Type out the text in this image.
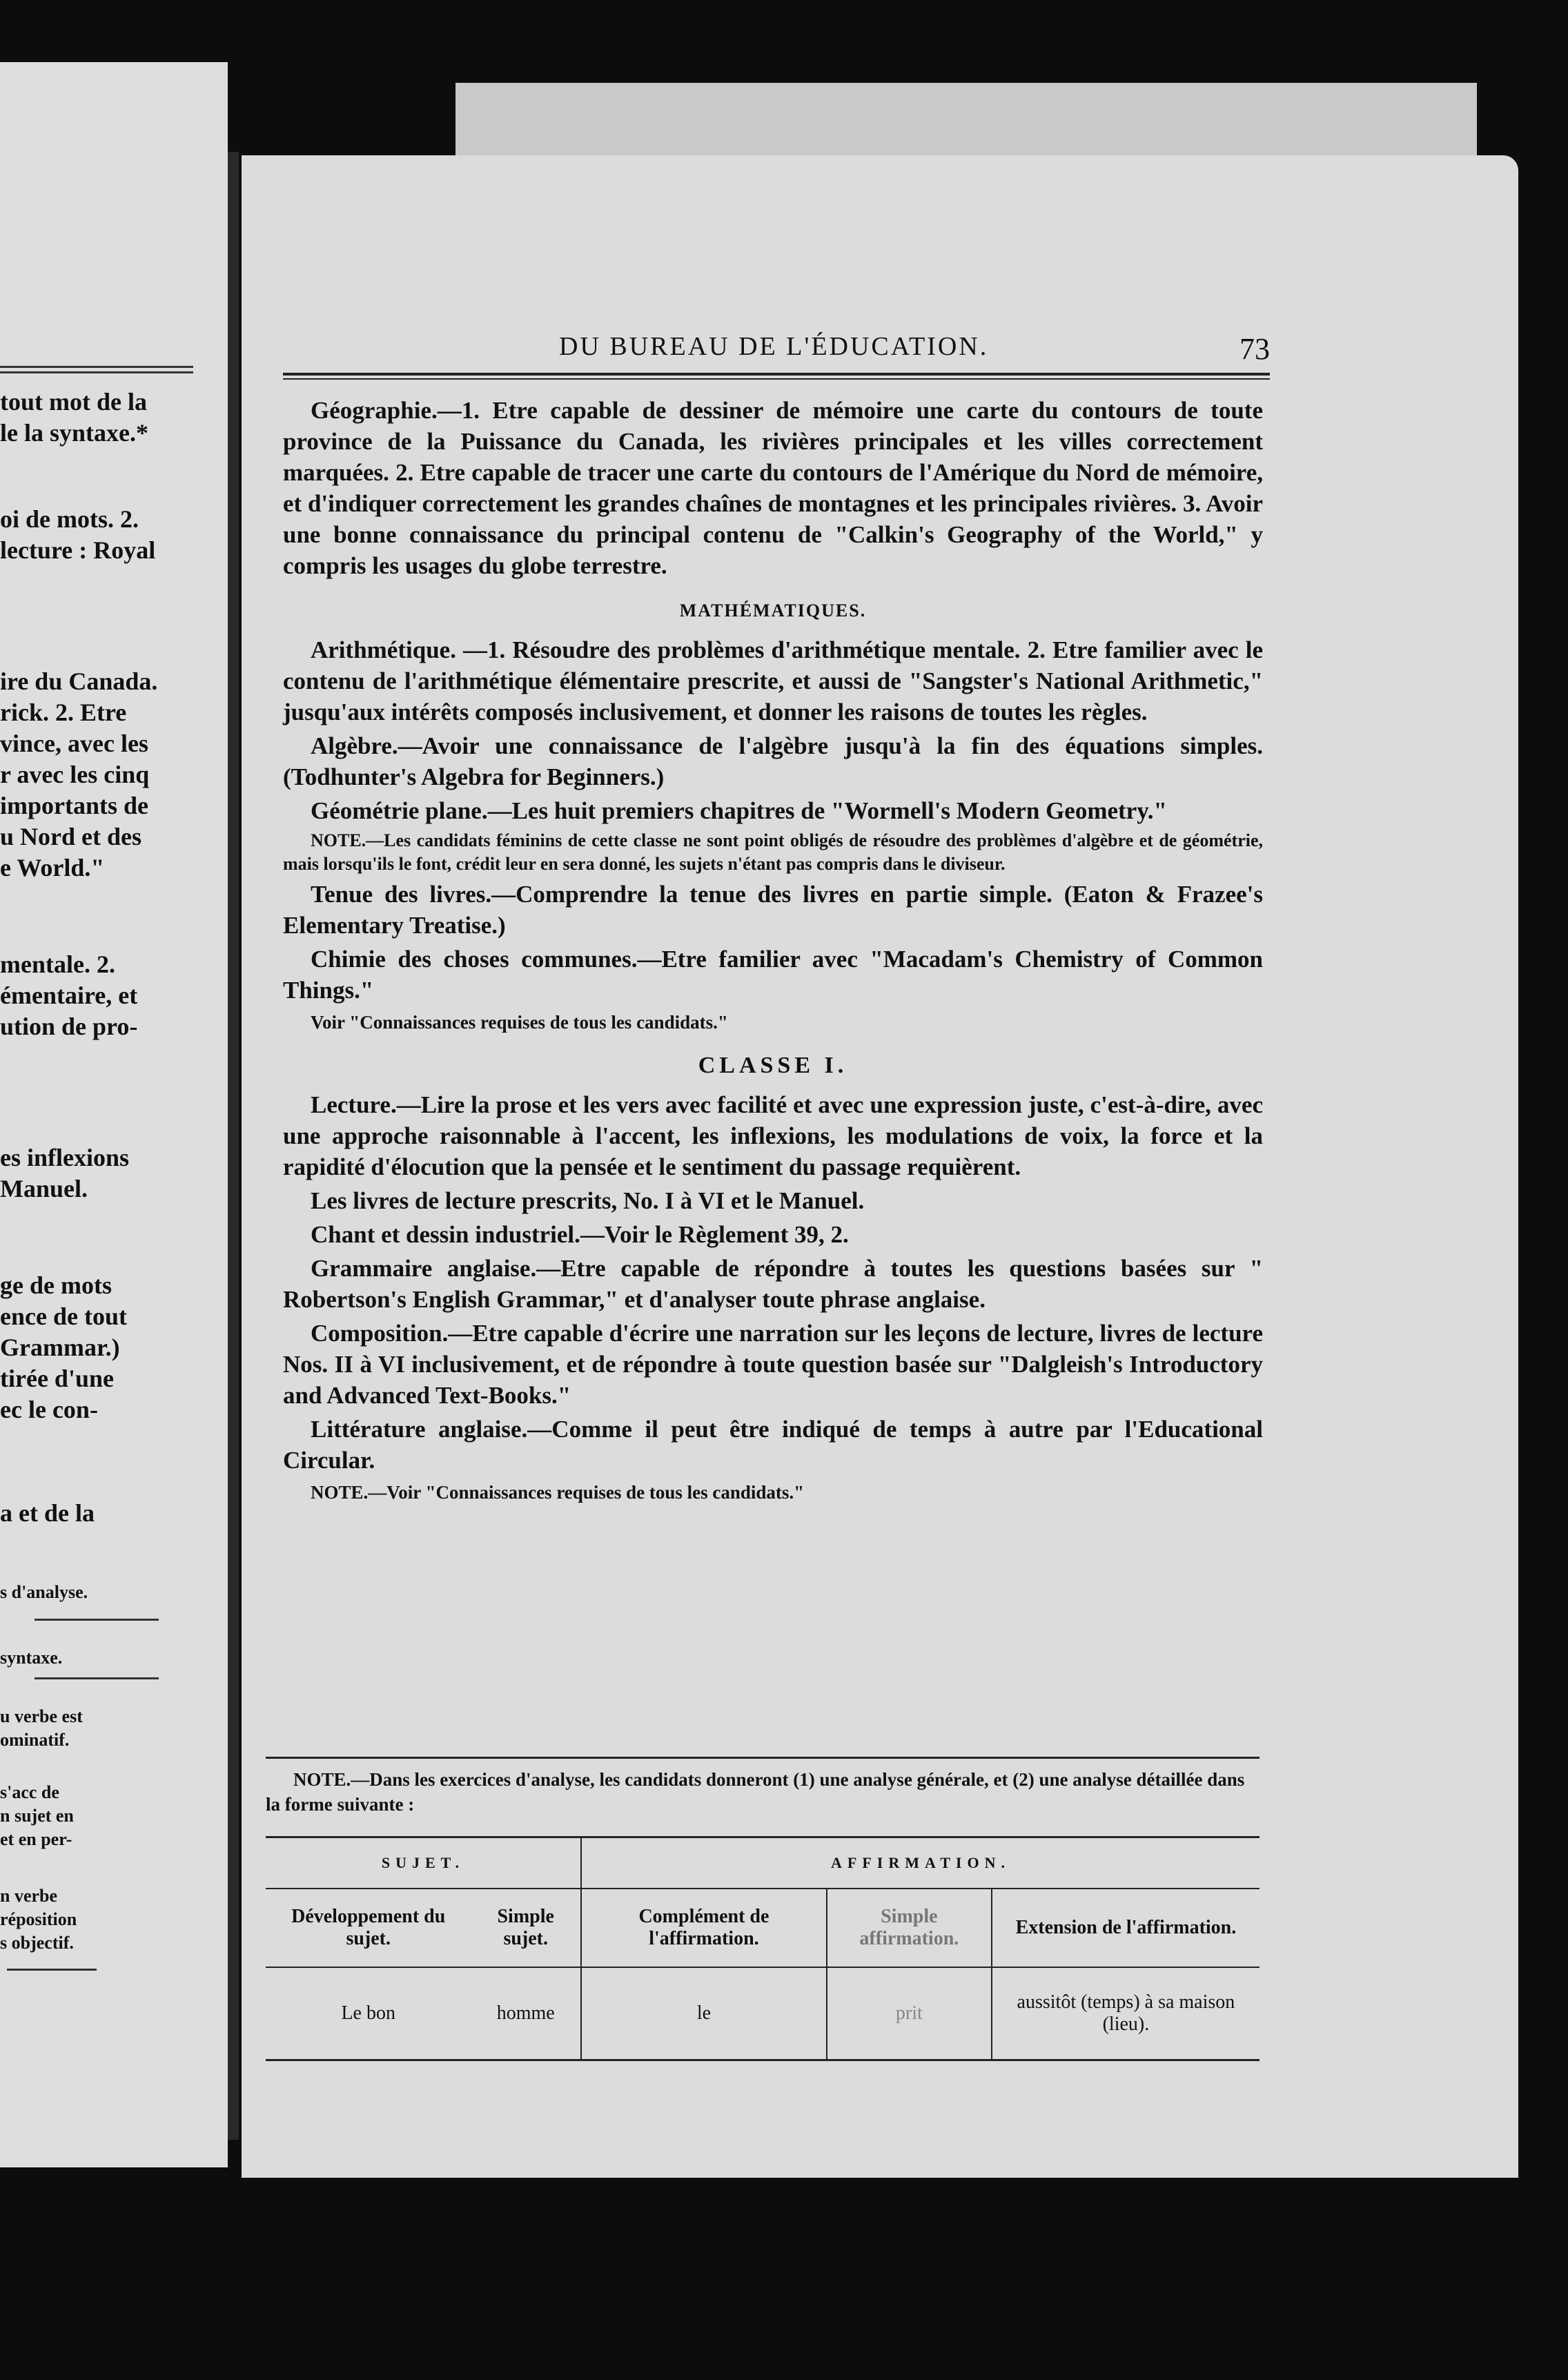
tout mot de la
le la syntaxe.*
oi de mots. 2.
lecture : Royal
ire du Canada.
rick. 2. Etre
vince, avec les
r avec les cinq
importants de
u Nord et des
e World."
mentale. 2.
émentaire, et
ution de pro-
es inflexions
Manuel.
ge de mots
ence de tout
Grammar.)
tirée d'une
ec le con-
a et de la
s d'analyse.
syntaxe.
u verbe est
ominatif.
s'acc de
n sujet en
et en per-
n verbe
réposition
s objectif.
DU BUREAU DE L'ÉDUCATION.	73

Géographie.—1. Etre capable de dessiner de mémoire une carte du contours de toute province de la Puissance du Canada, les rivières principales et les villes correctement marquées. 2. Etre capable de tracer une carte du contours de l'Amérique du Nord de mémoire, et d'indiquer correctement les grandes chaînes de montagnes et les principales rivières. 3. Avoir une bonne connaissance du principal contenu de "Calkin's Geography of the World," y compris les usages du globe terrestre.

MATHÉMATIQUES.

Arithmétique. —1. Résoudre des problèmes d'arithmétique mentale. 2. Etre familier avec le contenu de l'arithmétique élémentaire prescrite, et aussi de "Sangster's National Arithmetic," jusqu'aux intérêts composés inclusivement, et donner les raisons de toutes les règles.

Algèbre.—Avoir une connaissance de l'algèbre jusqu'à la fin des équations simples. (Todhunter's Algebra for Beginners.)

Géométrie plane.—Les huit premiers chapitres de "Wormell's Modern Geometry."

NOTE.—Les candidats féminins de cette classe ne sont point obligés de résoudre des problèmes d'algèbre et de géométrie, mais lorsqu'ils le font, crédit leur en sera donné, les sujets n'étant pas compris dans le diviseur.

Tenue des livres.—Comprendre la tenue des livres en partie simple. (Eaton & Frazee's Elementary Treatise.)

Chimie des choses communes.—Etre familier avec "Macadam's Chemistry of Common Things."

Voir "Connaissances requises de tous les candidats."

CLASSE I.

Lecture.—Lire la prose et les vers avec facilité et avec une expression juste, c'est-à-dire, avec une approche raisonnable à l'accent, les inflexions, les modulations de voix, la force et la rapidité d'élocution que la pensée et le sentiment du passage requièrent.

Les livres de lecture prescrits, No. I à VI et le Manuel.

Chant et dessin industriel.—Voir le Règlement 39, 2.

Grammaire anglaise.—Etre capable de répondre à toutes les questions basées sur " Robertson's English Grammar," et d'analyser toute phrase anglaise.

Composition.—Etre capable d'écrire une narration sur les leçons de lecture, livres de lecture Nos. II à VI inclusivement, et de répondre à toute question basée sur "Dalgleish's Introductory and Advanced Text-Books."

Littérature anglaise.—Comme il peut être indiqué de temps à autre par l'Educational Circular.

NOTE.—Voir "Connaissances requises de tous les candidats."

NOTE.—Dans les exercices d'analyse, les candidats donneront (1) une analyse générale, et (2) une analyse détaillée dans la forme suivante :

SUJET.		AFFIRMATION.		
Développement du sujet.	Simple sujet.	Complément de l'affirmation.	Simple affirmation.	Extension de l'affirmation.
Le bon	homme	le	prit	aussitôt (temps) à sa maison (lieu).
